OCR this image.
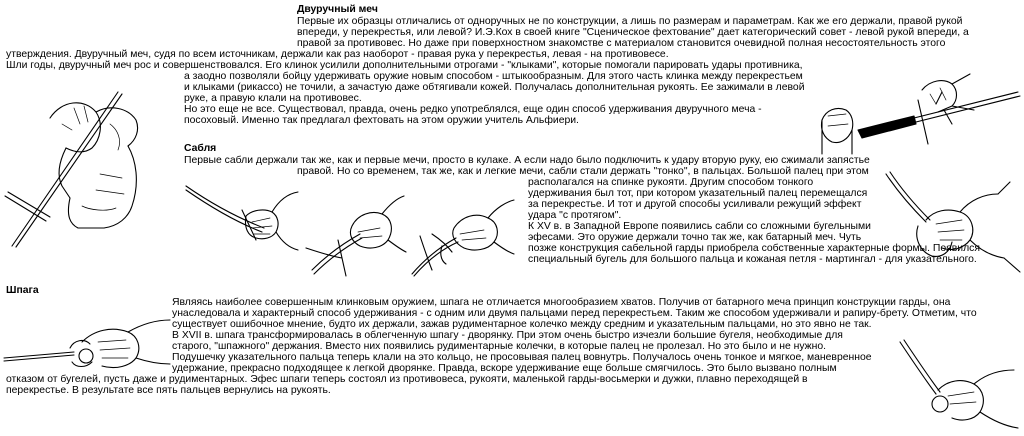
Двуручный меч

Первые их образцы отличались от одноручных не по конструкции, а лишь по размерам и параметрам. Как же его держали, правой рукой

впереди, у перекрестья, или левой? И.Э.Кох в своей книге "Сценическое фехтование" дает категорический совет - левой рукой впереди, а

правой за противовес. Но даже при поверхностном знакомстве с материалом становится очевидной полная несостоятельность этого

утверждения. Двуручный меч, судя по всем источникам, держали как раз наоборот - правая рука у перекрестья, левая - на противовесе.

Шли годы, двуручный меч рос и совершенствовался. Его клинок усилили дополнительными отрогами - "клыками", которые помогали парировать удары противника,

а заодно позволяли бойцу удерживать оружие новым способом - штыкообразным. Для этого часть клинка между перекрестьем

и клыками (рикассо) не точили, а зачастую даже обтягивали кожей. Получалась дополнительная рукоять. Ее зажимали в левой

руке, а правую клали на противовес.

Но это еще не все. Существовал, правда, очень редко употреблялся, еще один способ удерживания двуручного меча -

посоховый. Именно так предлагал фехтовать на этом оружии учитель Альфиери.

Сабля

Первые сабли держали так же, как и первые мечи, просто в кулаке. А если надо было подключить к удару вторую руку, ею сжимали запястье

правой. Но со временем, так же, как и легкие мечи, сабли стали держать "тонко", в пальцах. Большой палец при этом

располагался на спинке рукояти. Другим способом тонкого

удерживания был тот, при котором указательный палец перемещался

за перекрестье. И тот и другой способы усиливали режущий эффект

удара "с протягом".

К XV в. в Западной Европе появились сабли со сложными бугельными

эфесами. Это оружие держали точно так же, как батарный меч. Чуть

позже конструкция сабельной гарды приобрела собственные характерные формы. Появился

специальный бугель для большого пальца и кожаная петля - мартингал - для указательного.

Шпага

Являясь наиболее совершенным клинковым оружием, шпага не отличается многообразием хватов. Получив от батарного меча принцип конструкции гарды, она

унаследовала и характерный способ удерживания - с одним или двумя пальцами перед перекрестьем. Таким же способом удерживали и рапиру-брету. Отметим, что

существует ошибочное мнение, будто их держали, зажав рудиментарное колечко между средним и указательным пальцами, но это явно не так.

В XVII в. шпага трансформировалась в облегченную шпагу - дворянку. При этом очень быстро изчезли большие бугеля, необходимые для

старого, "шпажного" держания. Вместо них появились рудиментарные колечки, в которые палец не пролезал. Но это было и не нужно.

Подушечку указательного пальца теперь клали на это кольцо, не просовывая палец вовнутрь. Получалось очень тонкое и мягкое, маневренное

удержание, прекрасно подходящее к легкой дворянке. Правда, вскоре удерживание еще больше смягчилось. Это было вызвано полным

отказом от бугелей, пусть даже и рудиментарных. Эфес шпаги теперь состоял из противовеса, рукояти, маленькой гарды-восьмерки и дужки, плавно переходящей в

перекрестье. В результате все пять пальцев вернулись на рукоять.
